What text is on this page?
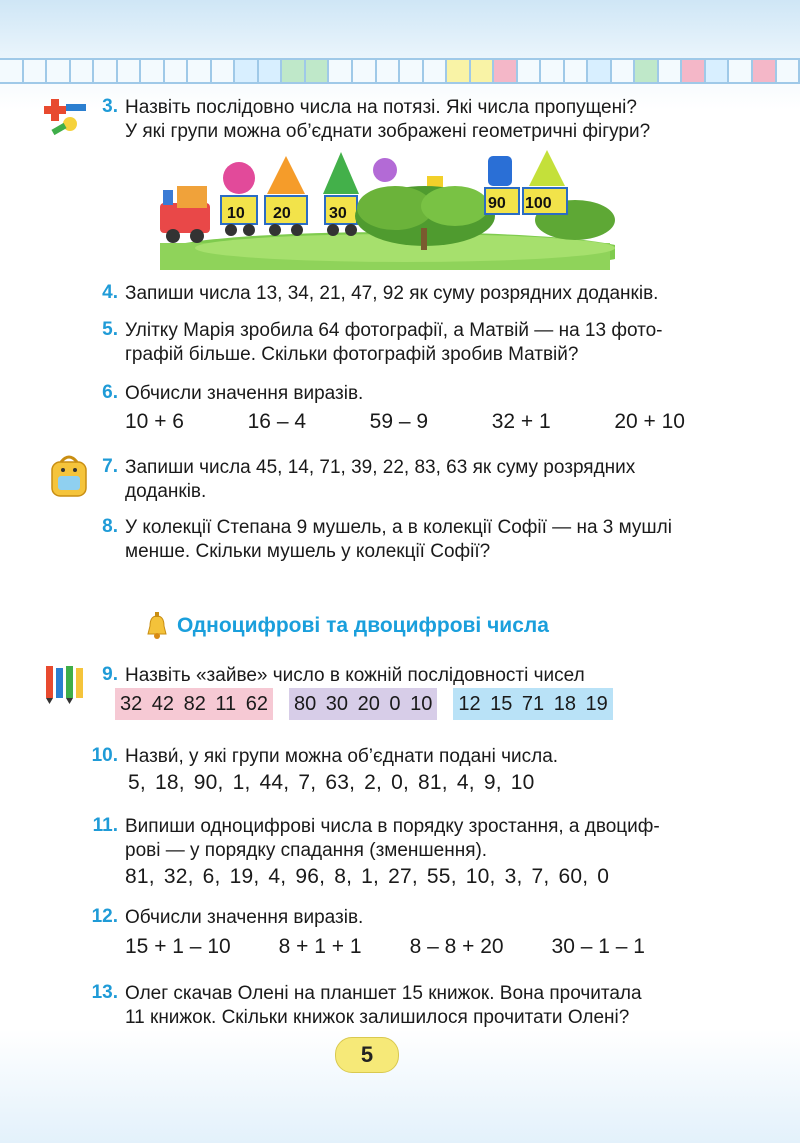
3. Назвіть послідовно числа на потязі. Які числа пропущені?
У які групи можна об’єднати зображені геометричні фігури?
10 20 30
90 100
4. Запиши числа 13, 34, 21, 47, 92 як суму розрядних доданків.
5. Улітку Марія зробила 64 фотографії, а Матвій — на 13 фото-
графій більше. Скільки фотографій зробив Матвій?
6. Обчисли значення виразів.
10 + 6	16 – 4	59 – 9	32 + 1	20 + 10
7. Запиши числа 45, 14, 71, 39, 22, 83, 63 як суму розрядних
доданків.
8. У колекції Степана 9 мушель, а в колекції Софії — на 3 мушлі
менше. Скільки мушель у колекції Софії?
Одноцифрові та двоцифрові числа
9. Назвіть «зайве» число в кожній послідовності чисел
32 42 82 11 62 80 30 20 0 10 12 15 71 18 19
10. Назви́, у які групи можна об’єднати подані числа.
5, 18, 90, 1, 44, 7, 63, 2, 0, 81, 4, 9, 10
11. Випиши одноцифрові числа в порядку зростання, а двоциф-
рові — у порядку спадання (зменшення).
81, 32, 6, 19, 4, 96, 8, 1, 27, 55, 10, 3, 7, 60, 0
12. Обчисли значення виразів.
15 + 1 – 10 8 + 1 + 1 8 – 8 + 20 30 – 1 – 1
13. Олег скачав Олені на планшет 15 книжок. Вона прочитала
11 книжок. Скільки книжок залишилося прочитати Олені?
5
